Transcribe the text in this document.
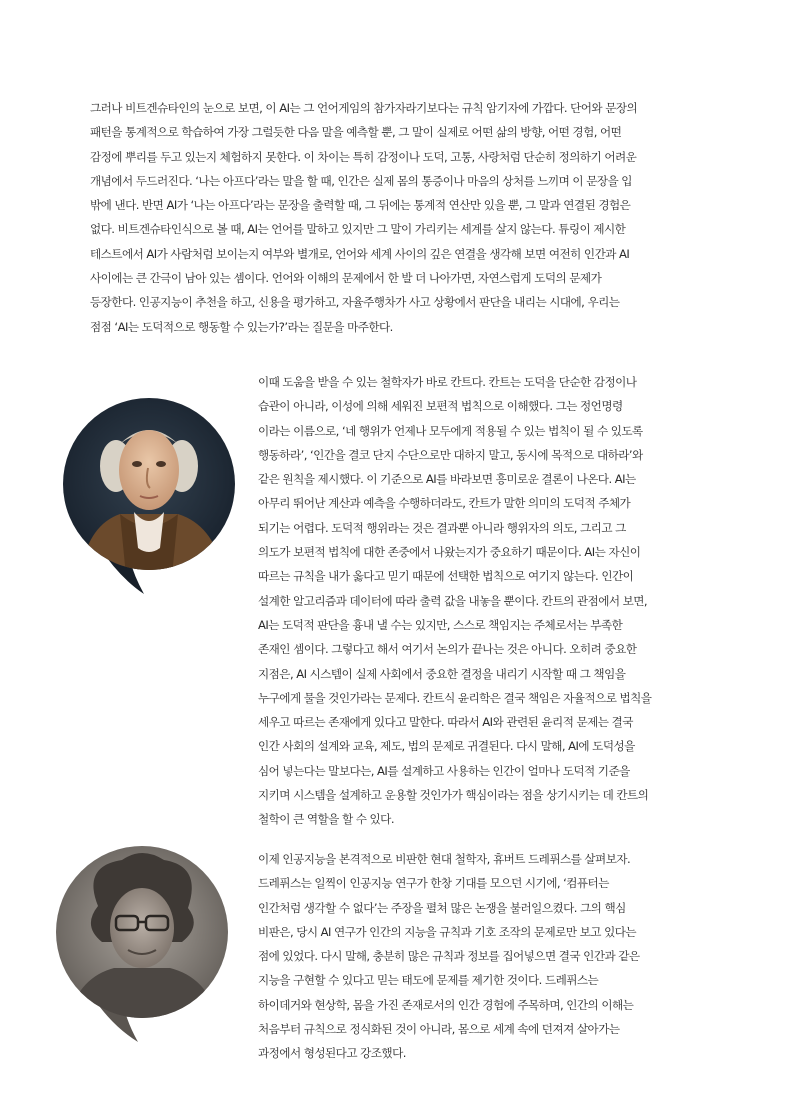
그러나 비트겐슈타인의 눈으로 보면, 이 AI는 그 언어게임의 참가자라기보다는 규칙 암기자에 가깝다. 단어와 문장의
패턴을 통계적으로 학습하여 가장 그럴듯한 다음 말을 예측할 뿐, 그 말이 실제로 어떤 삶의 방향, 어떤 경험, 어떤
감정에 뿌리를 두고 있는지 체험하지 못한다. 이 차이는 특히 감정이나 도덕, 고통, 사랑처럼 단순히 정의하기 어려운
개념에서 두드러진다. ‘나는 아프다’라는 말을 할 때, 인간은 실제 몸의 통증이나 마음의 상처를 느끼며 이 문장을 입
밖에 낸다. 반면 AI가 ‘나는 아프다’라는 문장을 출력할 때, 그 뒤에는 통계적 연산만 있을 뿐, 그 말과 연결된 경험은
없다. 비트겐슈타인식으로 볼 때, AI는 언어를 말하고 있지만 그 말이 가리키는 세계를 살지 않는다. 튜링이 제시한
테스트에서 AI가 사람처럼 보이는지 여부와 별개로, 언어와 세계 사이의 깊은 연결을 생각해 보면 여전히 인간과 AI
사이에는 큰 간극이 남아 있는 셈이다. 언어와 이해의 문제에서 한 발 더 나아가면, 자연스럽게 도덕의 문제가
등장한다. 인공지능이 추천을 하고, 신용을 평가하고, 자율주행차가 사고 상황에서 판단을 내리는 시대에, 우리는
점점 ‘AI는 도덕적으로 행동할 수 있는가?’라는 질문을 마주한다.
이때 도움을 받을 수 있는 철학자가 바로 칸트다. 칸트는 도덕을 단순한 감정이나
습관이 아니라, 이성에 의해 세워진 보편적 법칙으로 이해했다. 그는 정언명령
이라는 이름으로, ‘네 행위가 언제나 모두에게 적용될 수 있는 법칙이 될 수 있도록
행동하라’, ‘인간을 결코 단지 수단으로만 대하지 말고, 동시에 목적으로 대하라’와
같은 원칙을 제시했다. 이 기준으로 AI를 바라보면 흥미로운 결론이 나온다. AI는
아무리 뛰어난 계산과 예측을 수행하더라도, 칸트가 말한 의미의 도덕적 주체가
되기는 어렵다. 도덕적 행위라는 것은 결과뿐 아니라 행위자의 의도, 그리고 그
의도가 보편적 법칙에 대한 존중에서 나왔는지가 중요하기 때문이다. AI는 자신이
따르는 규칙을 내가 옳다고 믿기 때문에 선택한 법칙으로 여기지 않는다. 인간이
설계한 알고리즘과 데이터에 따라 출력 값을 내놓을 뿐이다. 칸트의 관점에서 보면,
AI는 도덕적 판단을 흉내 낼 수는 있지만, 스스로 책임지는 주체로서는 부족한
존재인 셈이다. 그렇다고 해서 여기서 논의가 끝나는 것은 아니다. 오히려 중요한
지점은, AI 시스템이 실제 사회에서 중요한 결정을 내리기 시작할 때 그 책임을
누구에게 물을 것인가라는 문제다. 칸트식 윤리학은 결국 책임은 자율적으로 법칙을
세우고 따르는 존재에게 있다고 말한다. 따라서 AI와 관련된 윤리적 문제는 결국
인간 사회의 설계와 교육, 제도, 법의 문제로 귀결된다. 다시 말해, AI에 도덕성을
심어 넣는다는 말보다는, AI를 설계하고 사용하는 인간이 얼마나 도덕적 기준을
지키며 시스템을 설계하고 운용할 것인가가 핵심이라는 점을 상기시키는 데 칸트의
철학이 큰 역할을 할 수 있다.
이제 인공지능을 본격적으로 비판한 현대 철학자, 휴버트 드레퓌스를 살펴보자.
드레퓌스는 일찍이 인공지능 연구가 한창 기대를 모으던 시기에, ‘컴퓨터는
인간처럼 생각할 수 없다’는 주장을 펼쳐 많은 논쟁을 불러일으켰다. 그의 핵심
비판은, 당시 AI 연구가 인간의 지능을 규칙과 기호 조작의 문제로만 보고 있다는
점에 있었다. 다시 말해, 충분히 많은 규칙과 정보를 집어넣으면 결국 인간과 같은
지능을 구현할 수 있다고 믿는 태도에 문제를 제기한 것이다. 드레퓌스는
하이데거와 현상학, 몸을 가진 존재로서의 인간 경험에 주목하며, 인간의 이해는
처음부터 규칙으로 정식화된 것이 아니라, 몸으로 세계 속에 던져져 살아가는
과정에서 형성된다고 강조했다.
